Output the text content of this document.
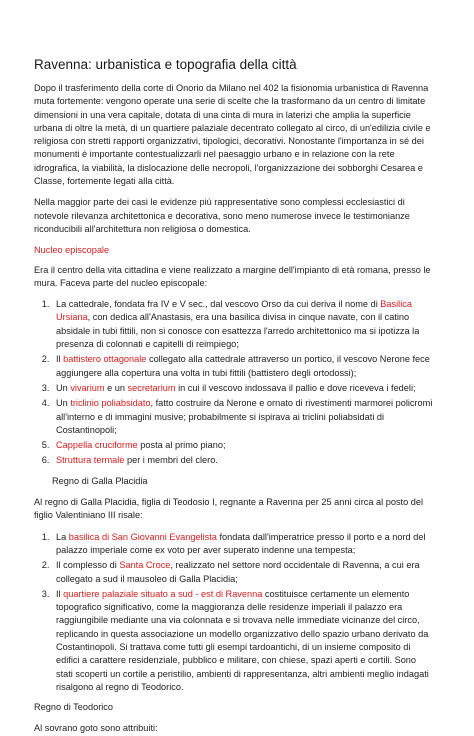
Ravenna: urbanistica e topografia della città

Dopo il trasferimento della corte di Onorio da Milano nel 402 la fisionomia urbanistica di Ravenna muta fortemente: vengono operate una serie di scelte che la trasformano da un centro di limitate dimensioni in una vera capitale, dotata di una cinta di mura in laterizi che amplia la superficie urbana di oltre la metà, di un quartiere palaziale decentrato collegato al circo, di un'edilizia civile e religiosa con stretti rapporti organizzativi, tipologici, decorativi. Nonostante l'importanza in sé dei monumenti è importante contestualizzarli nel paesaggio urbano e in relazione con la rete idrografica, la viabilità, la dislocazione delle necropoli, l'organizzazione dei sobborghi Cesarea e Classe, fortemente legati alla città.

Nella maggior parte dei casi le evidenze più rappresentative sono complessi ecclesiastici di notevole rilevanza architettonica e decorativa, sono meno numerose invece le testimonianze riconducibili all'architettura non religiosa o domestica.

Nucleo episcopale

Era il centro della vita cittadina e viene realizzato a margine dell'impianto di età romana, presso le mura. Faceva parte del nucleo episcopale:

1. La cattedrale, fondata fra IV e V sec., dal vescovo Orso da cui deriva il nome di Basilica Ursiana, con dedica all'Anastasis, era una basilica divisa in cinque navate, con il catino absidale in tubi fittili, non si conosce con esattezza l'arredo architettonico ma si ipotizza la presenza di colonnati e capitelli di reimpiego;
2. Il battistero ottagonale collegato alla cattedrale attraverso un portico, il vescovo Nerone fece aggiungere alla copertura una volta in tubi fittili (battistero degli ortodossi);
3. Un vivarium e un secretarium in cui il vescovo indossava il pallio e dove riceveva i fedeli;
4. Un triclinio poliabsidato, fatto costruire da Nerone e ornato di rivestimenti marmorei policromi all'interno e di immagini musive; probabilmente si ispirava ai triclini poliabsidati di Costantinopoli;
5. Cappella cruciforme posta al primo piano;
6. Struttura termale per i membri del clero.

Regno di Galla Placidia

Al regno di Galla Placidia, figlia di Teodosio I, regnante a Ravenna per 25 anni circa al posto del figlio Valentiniano III risale:

1. La basilica di San Giovanni Evangelista fondata dall'imperatrice presso il porto e a nord del palazzo imperiale come ex voto per aver superato indenne una tempesta;
2. Il complesso di Santa Croce, realizzato nel settore nord occidentale di Ravenna, a cui era collegato a sud il mausoleo di Galla Placidia;
3. Il quartiere palaziale situato a sud - est di Ravenna costituisce certamente un elemento topografico significativo, come la maggioranza delle residenze imperiali il palazzo era raggiungibile mediante una via colonnata e si trovava nelle immediate vicinanze del circo, replicando in questa associazione un modello organizzativo dello spazio urbano derivato da Costantinopoli. Si trattava come tutti gli esempi tardoantichi, di un insieme composito di edifici a carattere residenziale, pubblico e militare, con chiese, spazi aperti e cortili. Sono stati scoperti un cortile a peristilio, ambienti di rappresentanza, altri ambienti meglio indagati risalgono al regno di Teodorico.

Regno di Teodorico

Al sovrano goto sono attribuiti:
